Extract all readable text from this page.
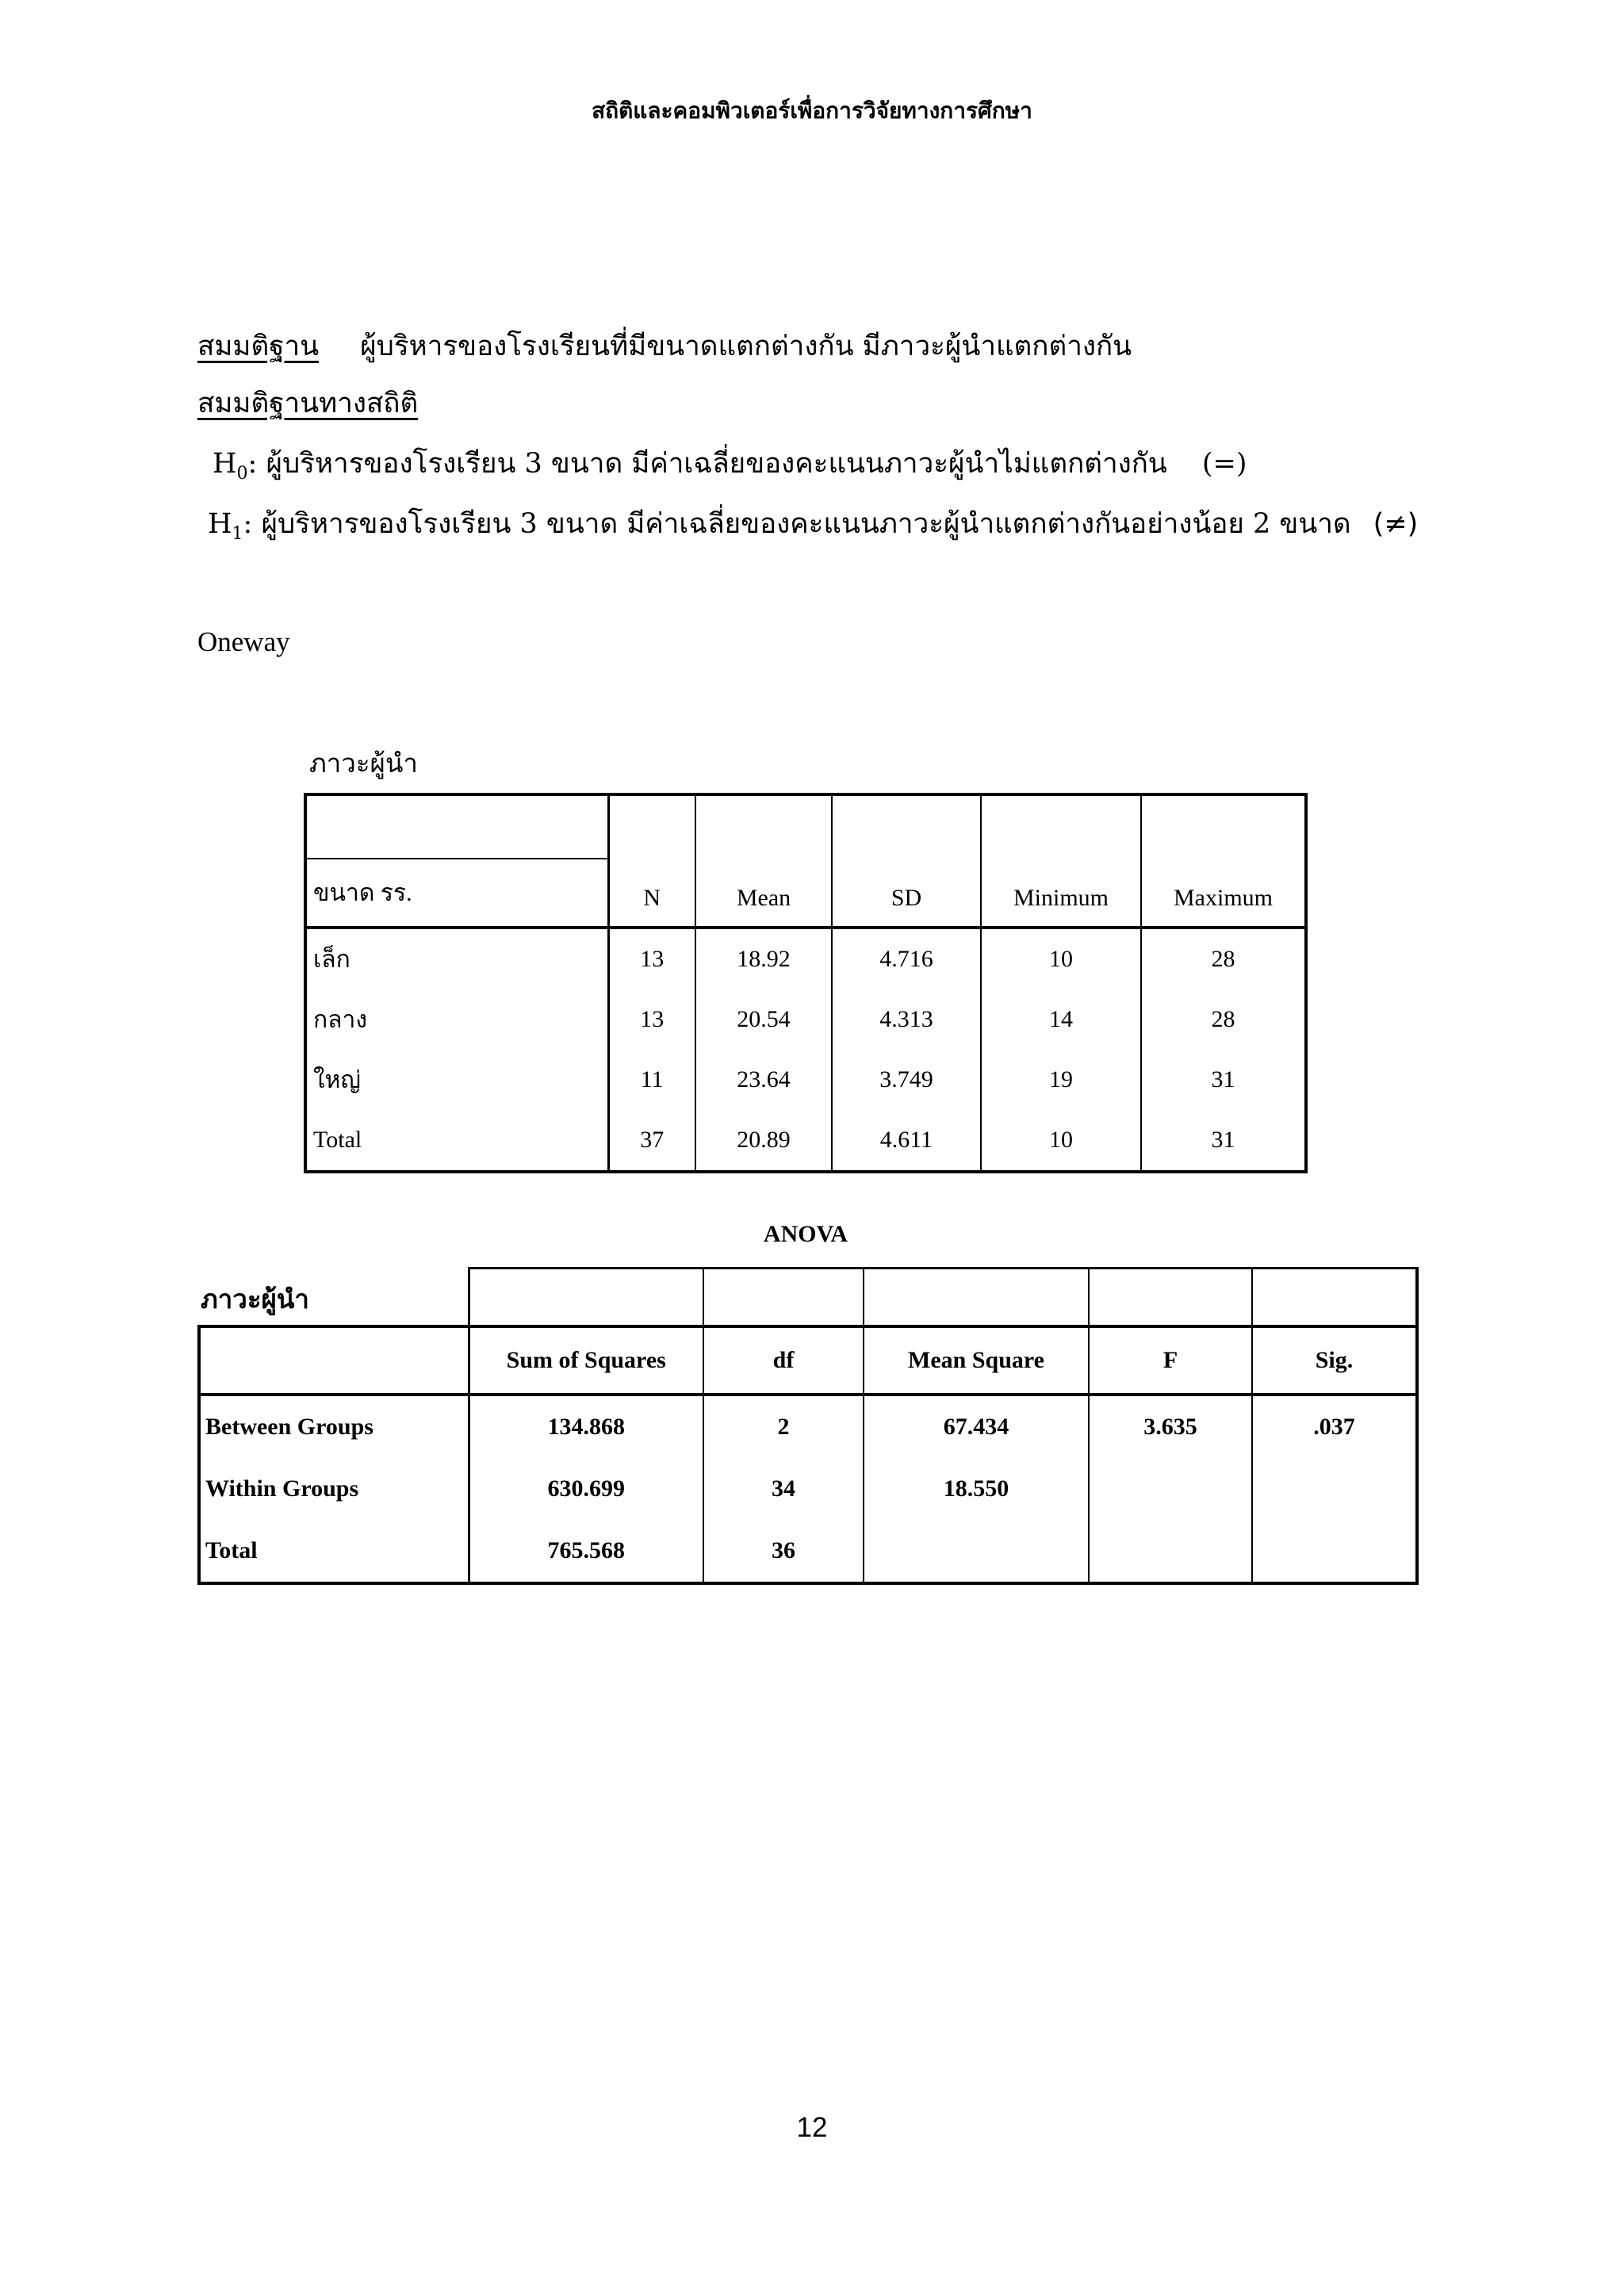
สถิติและคอมพิวเตอร์เพื่อการวิจัยทางการศึกษา
สมมติฐาน ผู้บริหารของโรงเรียนที่มีขนาดแตกต่างกัน มีภาวะผู้นำแตกต่างกัน
สมมติฐานทางสถิติ
$H_0$: ผู้บริหารของโรงเรียน 3 ขนาด มีค่าเฉลี่ยของคะแนนภาวะผู้นำไม่แตกต่างกัน (=)
$H_1$: ผู้บริหารของโรงเรียน 3 ขนาด มีค่าเฉลี่ยของคะแนนภาวะผู้นำแตกต่างกันอย่างน้อย 2 ขนาด (≠)
Oneway
ภาวะผู้นำ
	N	Mean	SD	Minimum	Maximum
ขนาด รร.					
เล็ก	13	18.92	4.716	10	28
กลาง	13	20.54	4.313	14	28
ใหญ่	11	23.64	3.749	19	31
Total	37	20.89	4.611	10	31
ANOVA
ภาวะผู้นำ

	Sum of Squares	df	Mean Square	F	Sig.
Between Groups	134.868	2	67.434	3.635	.037
Within Groups	630.699	34	18.550		
Total	765.568	36			
12
